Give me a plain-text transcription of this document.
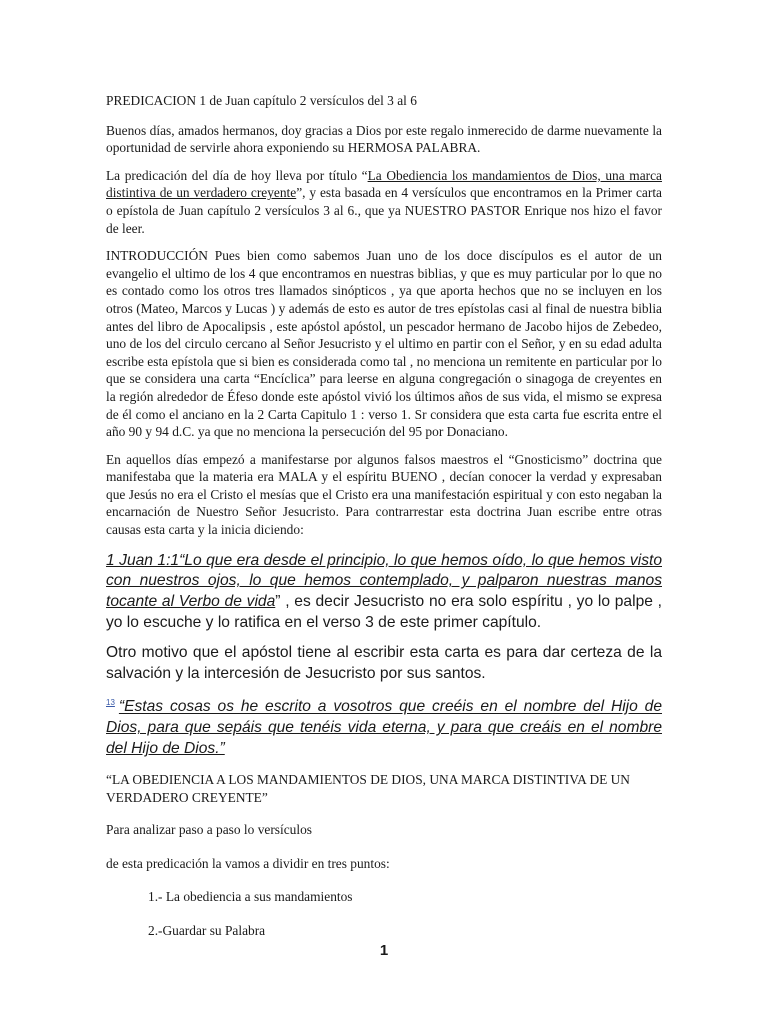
PREDICACION 1 de Juan capítulo 2 versículos del 3 al 6

Buenos días, amados hermanos, doy gracias a Dios por este regalo inmerecido de darme nuevamente la oportunidad de servirle ahora exponiendo su HERMOSA PALABRA.

La predicación del día de hoy lleva por título “La Obediencia los mandamientos de Dios, una marca distintiva de un verdadero creyente”, y esta basada en 4 versículos que encontramos en la Primer carta o epístola de Juan capítulo 2 versículos 3 al 6., que ya NUESTRO PASTOR Enrique nos hizo el favor de leer.

INTRODUCCIÓN Pues bien como sabemos Juan uno de los doce discípulos es el autor de un evangelio el ultimo de los 4 que encontramos en nuestras biblias, y que es muy particular por lo que no es contado como los otros tres llamados sinópticos , ya que aporta hechos que no se incluyen en los otros (Mateo, Marcos y Lucas ) y además de esto es autor de tres epístolas casi al final de nuestra biblia antes del libro de Apocalipsis , este apóstol apóstol, un pescador hermano de Jacobo hijos de Zebedeo, uno de los del circulo cercano al Señor Jesucristo y el ultimo en partir con el Señor, y en su edad adulta escribe esta epístola que si bien es considerada como tal , no menciona un remitente en particular por lo que se considera una carta “Encíclica” para leerse en alguna congregación o sinagoga de creyentes en la región alrededor de Éfeso donde este apóstol vivió los últimos años de sus vida, el mismo se expresa de él como el anciano en la 2 Carta Capitulo 1 : verso 1. Sr considera que esta carta fue escrita entre el año 90 y 94 d.C. ya que no menciona la persecución del 95 por Donaciano.

En aquellos días empezó a manifestarse por algunos falsos maestros el “Gnosticismo” doctrina que manifestaba que la materia era MALA y el espíritu BUENO , decían conocer la verdad y expresaban que Jesús no era el Cristo el mesías que el Cristo era una manifestación espiritual y con esto negaban la encarnación de Nuestro Señor Jesucristo. Para contrarrestar esta doctrina Juan escribe entre otras causas esta carta y la inicia diciendo:

1 Juan 1:1“Lo que era desde el principio, lo que hemos oído, lo que hemos visto con nuestros ojos, lo que hemos contemplado, y palparon nuestras manos tocante al Verbo de vida” , es decir Jesucristo no era solo espíritu , yo lo palpe , yo lo escuche y lo ratifica en el verso 3 de este primer capítulo.

Otro motivo que el apóstol tiene al escribir esta carta es para dar certeza de la salvación y la intercesión de Jesucristo por sus santos.

$^{13}$ “Estas cosas os he escrito a vosotros que creéis en el nombre del Hijo de Dios, para que sepáis que tenéis vida eterna, y para que creáis en el nombre del Hijo de Dios.”

“LA OBEDIENCIA A LOS MANDAMIENTOS DE DIOS, UNA MARCA DISTINTIVA DE UN VERDADERO CREYENTE”

Para analizar paso a paso lo versículos

de esta predicación la vamos a dividir en tres puntos:

1.- La obediencia a sus mandamientos

2.-Guardar su Palabra

1
